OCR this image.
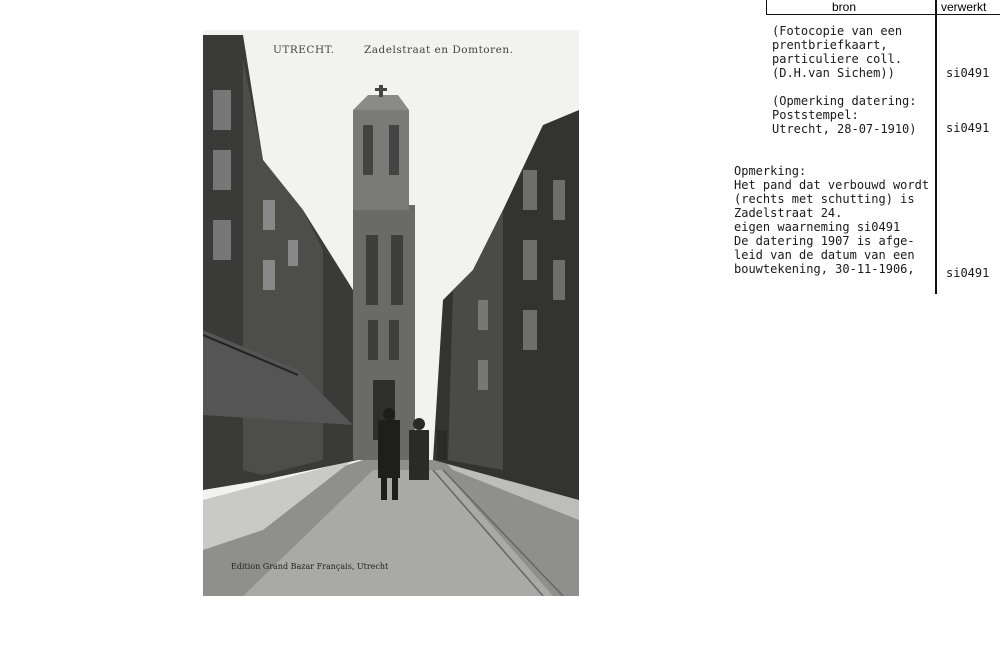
UTRECHT.	Zadelstraat en Domtoren.
Edition Grand Bazar Français, Utrecht
bron	verwerkt
(Fotocopie van een
prentbriefkaart,
particuliere coll.
(D.H.van Sichem))	si0491
(Opmerking datering:
Poststempel:
Utrecht, 28-07-1910) si0491
Opmerking:
Het pand dat verbouwd wordt
(rechts met schutting) is
Zadelstraat 24.
eigen waarneming si0491
De datering 1907 is afge-
leid van de datum van een
bouwtekening, 30-11-1906,	si0491
